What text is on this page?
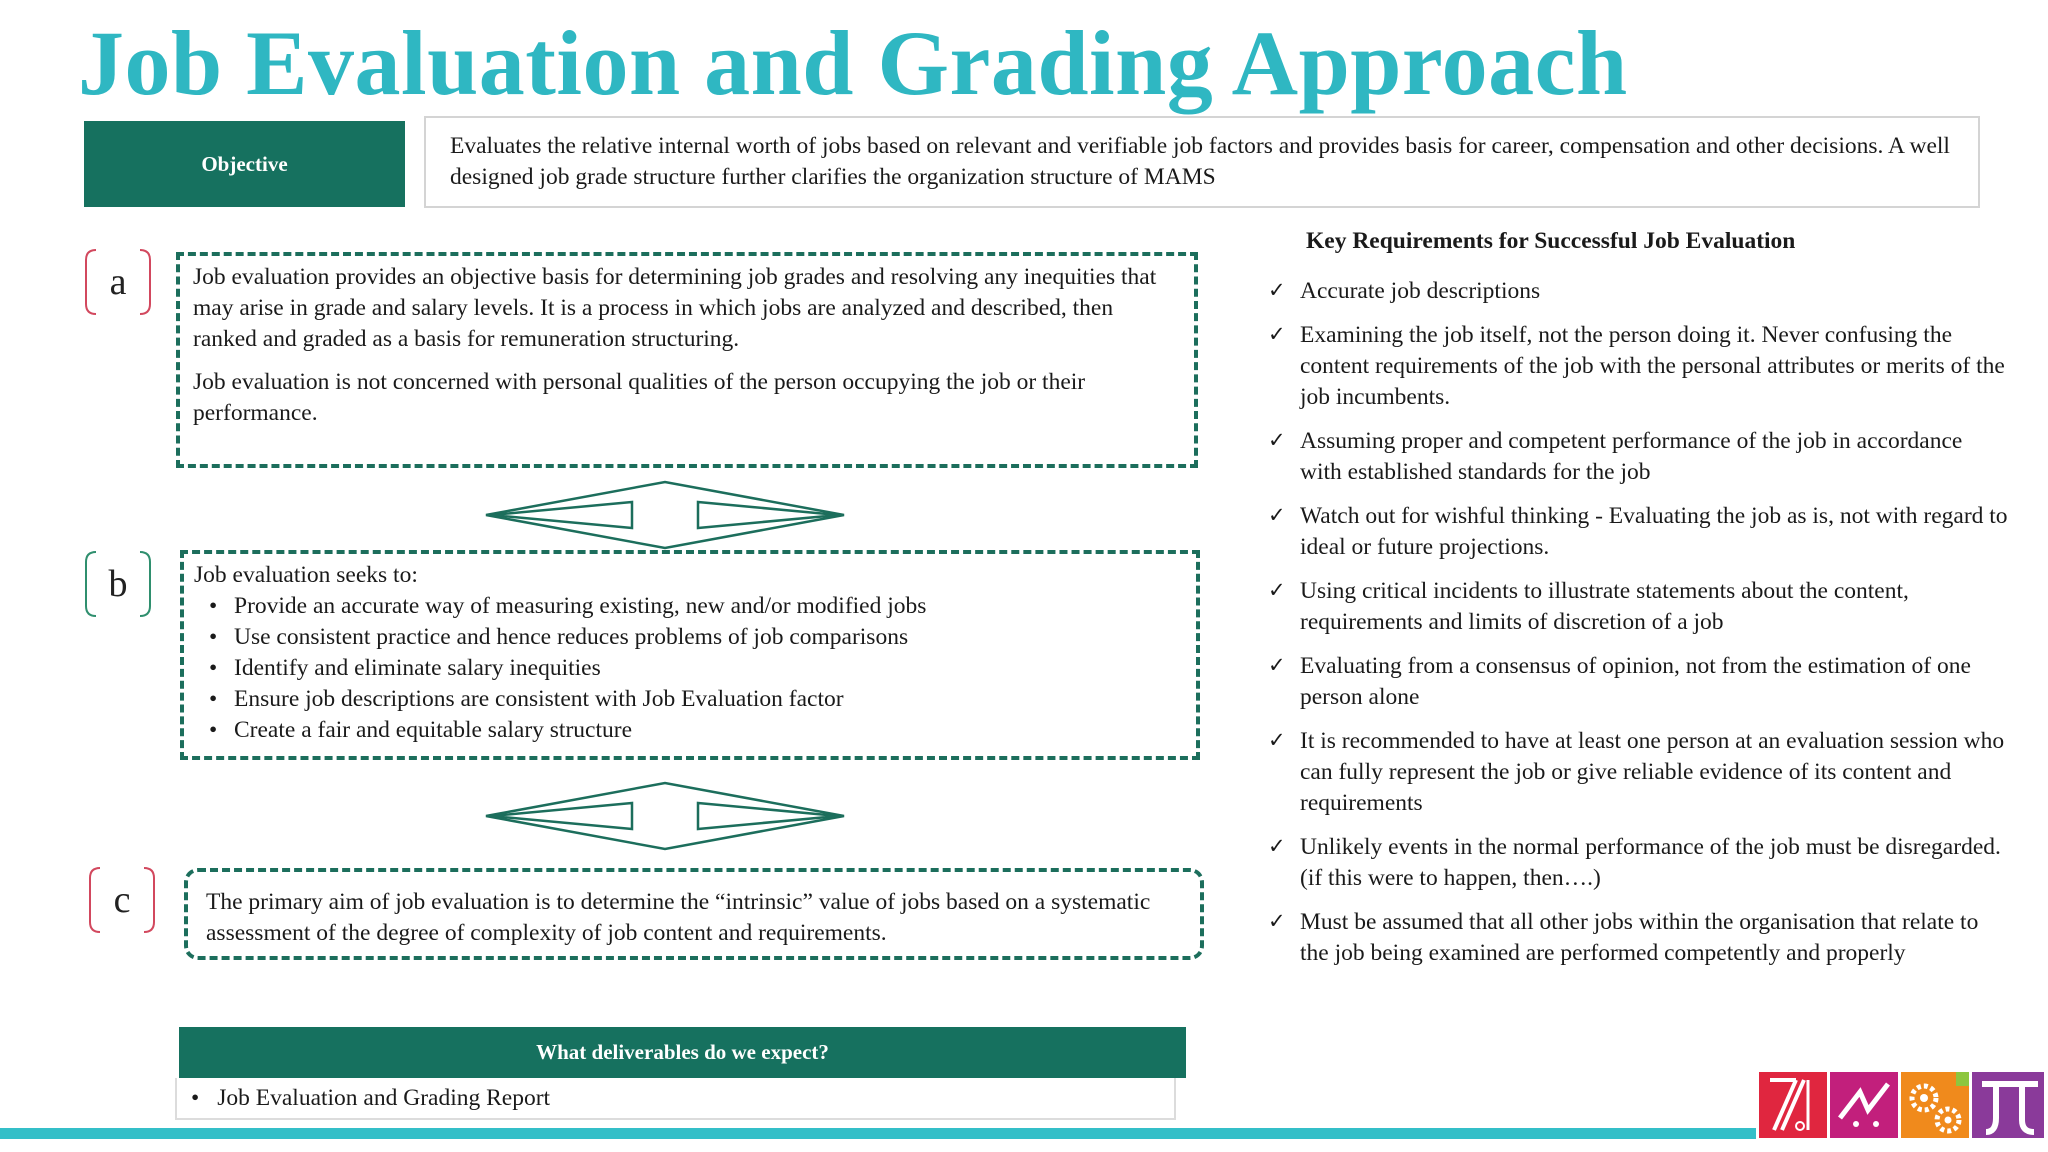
Job Evaluation and Grading Approach
Objective
Evaluates the relative internal worth of jobs based on relevant and verifiable job factors and provides basis for career, compensation and other decisions. A well designed job grade structure further clarifies the organization structure of MAMS
a	Job evaluation provides an objective basis for determining job grades and resolving any inequities that may arise in grade and salary levels. It is a process in which jobs are analyzed and described, then ranked and graded as a basis for remuneration structuring.

Job evaluation is not concerned with personal qualities of the person occupying the job or their performance.

b	Job evaluation seeks to:
• Provide an accurate way of measuring existing, new and/or modified jobs
• Use consistent practice and hence reduces problems of job comparisons
• Identify and eliminate salary inequities
• Ensure job descriptions are consistent with Job Evaluation factor
• Create a fair and equitable salary structure
c	The primary aim of job evaluation is to determine the “intrinsic” value of jobs based on a systematic assessment of the degree of complexity of job content and requirements.
What deliverables do we expect?
• Job Evaluation and Grading Report
Key Requirements for Successful Job Evaluation
✓ Accurate job descriptions
✓ Examining the job itself, not the person doing it. Never confusing the content requirements of the job with the personal attributes or merits of the job incumbents.
✓ Assuming proper and competent performance of the job in accordance with established standards for the job
✓ Watch out for wishful thinking - Evaluating the job as is, not with regard to ideal or future projections.
✓ Using critical incidents to illustrate statements about the content, requirements and limits of discretion of a job
✓ Evaluating from a consensus of opinion, not from the estimation of one person alone
✓ It is recommended to have at least one person at an evaluation session who can fully represent the job or give reliable evidence of its content and requirements
✓ Unlikely events in the normal performance of the job must be disregarded. (if this were to happen, then….)
✓ Must be assumed that all other jobs within the organisation that relate to the job being examined are performed competently and properly
